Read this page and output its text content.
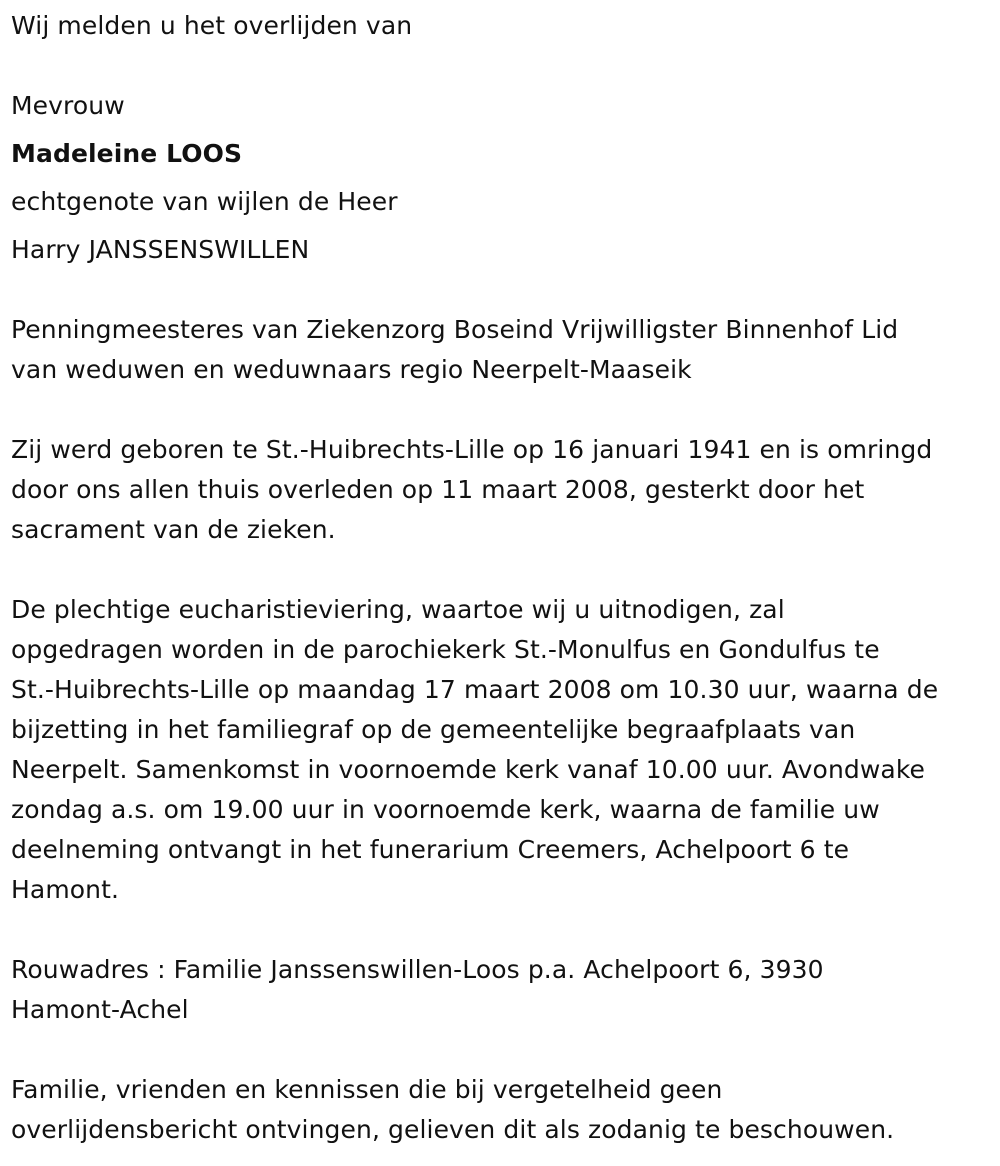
Wij melden u het overlijden van
Mevrouw
Madeleine LOOS
echtgenote van wijlen de Heer
Harry JANSSENSWILLEN
Penningmeesteres van Ziekenzorg Boseind Vrijwilligster Binnenhof Lid
van weduwen en weduwnaars regio Neerpelt-Maaseik
Zij werd geboren te St.-Huibrechts-Lille op 16 januari 1941 en is omringd
door ons allen thuis overleden op 11 maart 2008, gesterkt door het
sacrament van de zieken.
De plechtige eucharistieviering, waartoe wij u uitnodigen, zal
opgedragen worden in de parochiekerk St.-Monulfus en Gondulfus te
St.-Huibrechts-Lille op maandag 17 maart 2008 om 10.30 uur, waarna de
bijzetting in het familiegraf op de gemeentelijke begraafplaats van
Neerpelt. Samenkomst in voornoemde kerk vanaf 10.00 uur. Avondwake
zondag a.s. om 19.00 uur in voornoemde kerk, waarna de familie uw
deelneming ontvangt in het funerarium Creemers, Achelpoort 6 te
Hamont.
Rouwadres : Familie Janssenswillen-Loos p.a. Achelpoort 6, 3930
Hamont-Achel
Familie, vrienden en kennissen die bij vergetelheid geen
overlijdensbericht ontvingen, gelieven dit als zodanig te beschouwen.
